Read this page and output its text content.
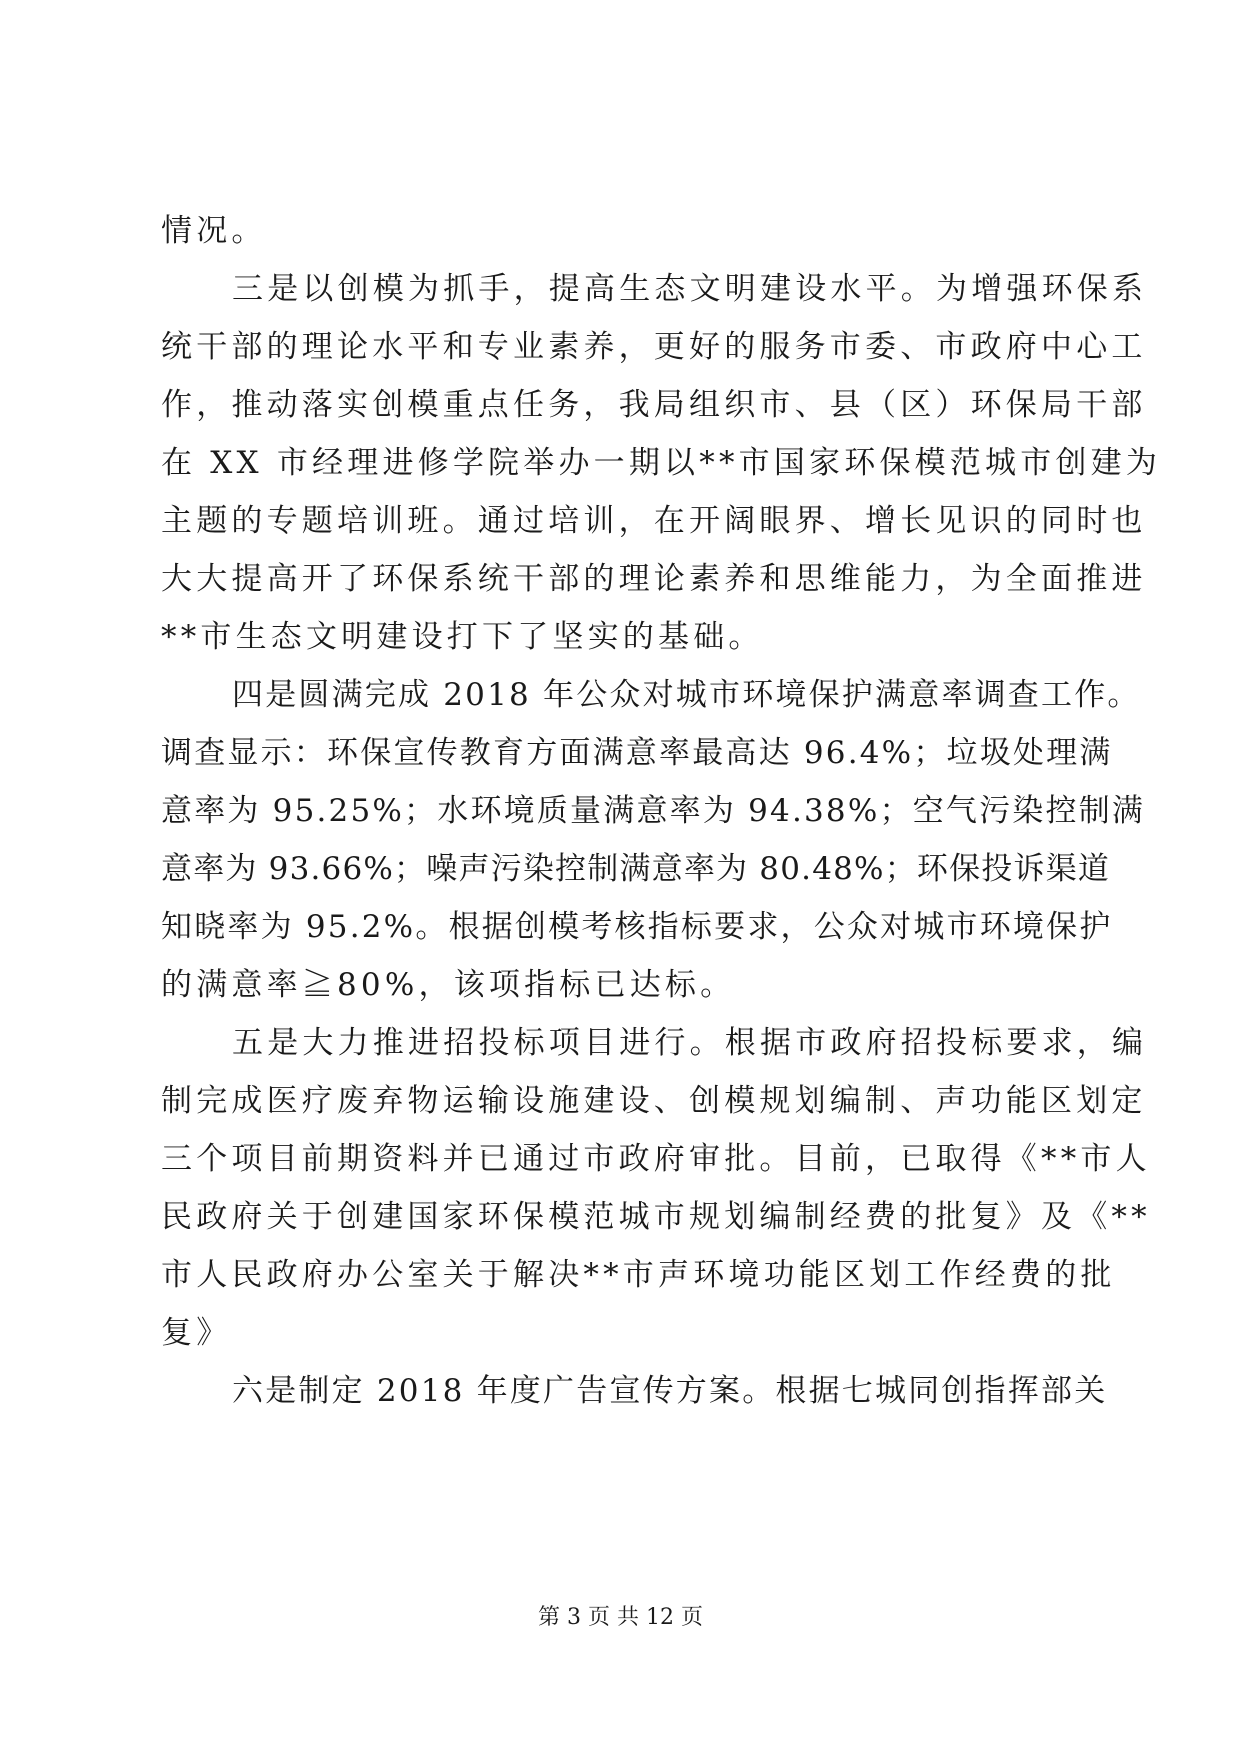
情况。
三是以创模为抓手，提高生态文明建设水平。为增强环保系
统干部的理论水平和专业素养，更好的服务市委、市政府中心工
作，推动落实创模重点任务，我局组织市、县（区）环保局干部
在 XX 市经理进修学院举办一期以**市国家环保模范城市创建为
主题的专题培训班。通过培训，在开阔眼界、增长见识的同时也
大大提高开了环保系统干部的理论素养和思维能力，为全面推进
**市生态文明建设打下了坚实的基础。
四是圆满完成 2018 年公众对城市环境保护满意率调查工作。
调查显示：环保宣传教育方面满意率最高达 96.4%；垃圾处理满
意率为 95.25%；水环境质量满意率为 94.38%；空气污染控制满
意率为 93.66%；噪声污染控制满意率为 80.48%；环保投诉渠道
知晓率为 95.2%。根据创模考核指标要求，公众对城市环境保护
的满意率≧80%，该项指标已达标。
五是大力推进招投标项目进行。根据市政府招投标要求，编
制完成医疗废弃物运输设施建设、创模规划编制、声功能区划定
三个项目前期资料并已通过市政府审批。目前，已取得《**市人
民政府关于创建国家环保模范城市规划编制经费的批复》及《**
市人民政府办公室关于解决**市声环境功能区划工作经费的批
复》
六是制定 2018 年度广告宣传方案。根据七城同创指挥部关
第 3 页 共 12 页
